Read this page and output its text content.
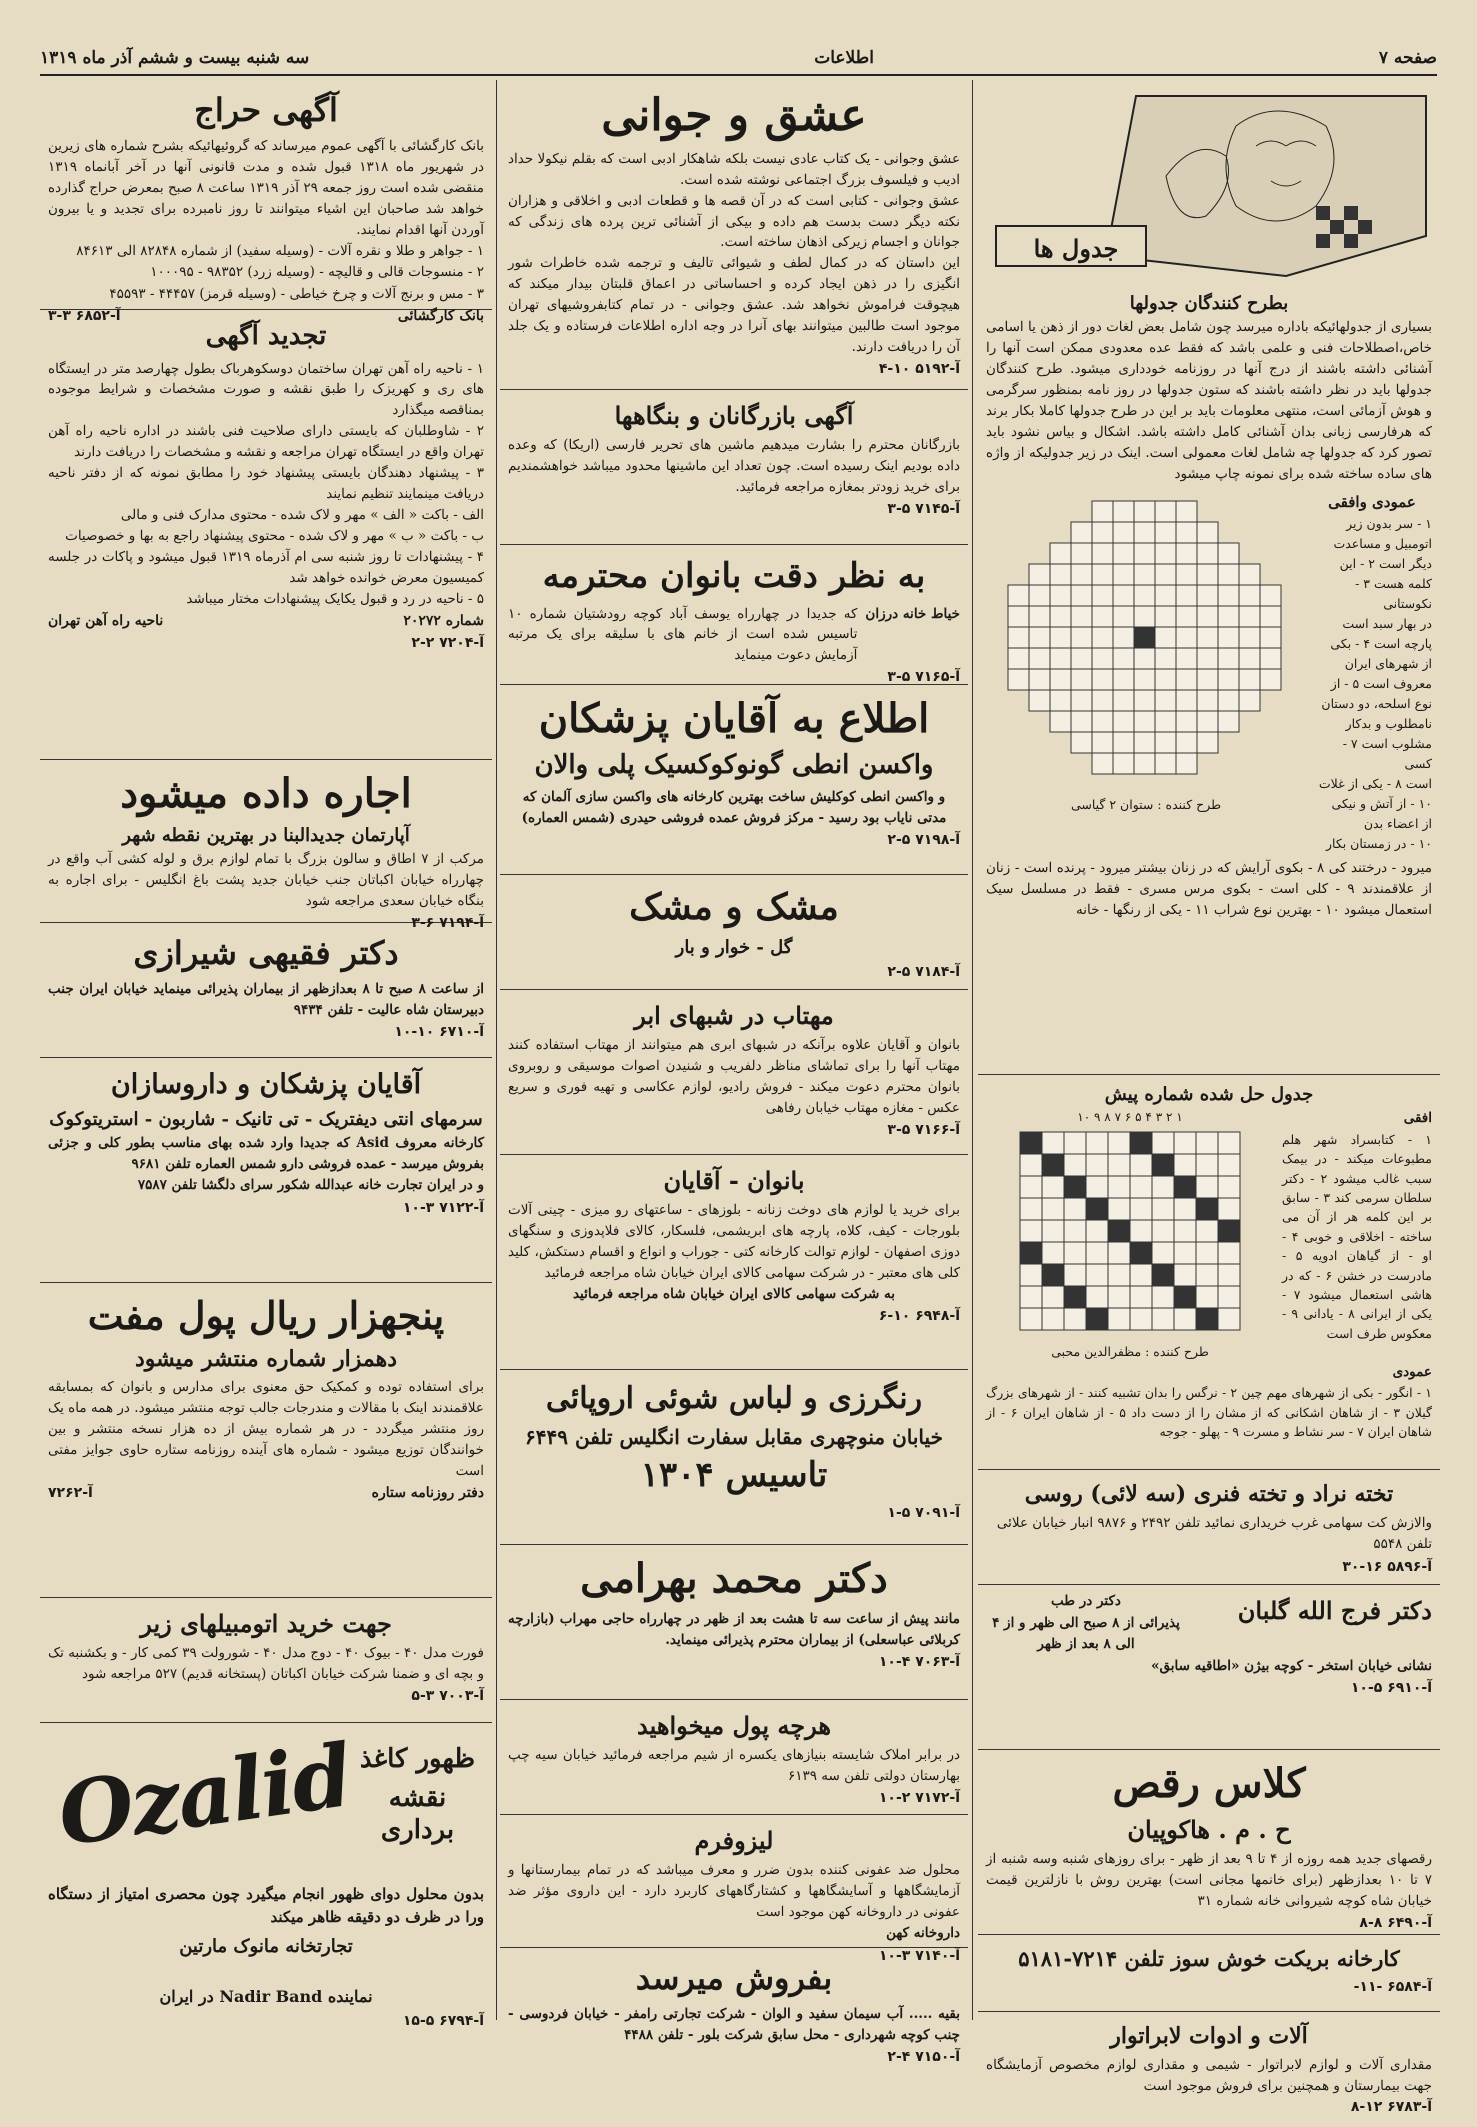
صفحه ۷
اطلاعات
سه شنبه بیست و ششم آذر ماه ۱۳۱۹
جدول ها
بطرح کنندگان جدولها
بسیاری از جدولهائیکه باداره میرسد چون شامل بعض لغات دور از ذهن یا اسامی خاص،اصطلاحات فنی و علمی باشد که فقط عده معدودی ممکن است آنها را آشنائی داشته باشند از درج آنها در روزنامه خودداری میشود. طرح کنندگان جدولها باید در نظر داشته باشند که ستون جدولها در روز نامه بمنظور سرگرمی و هوش آزمائی است، منتهی معلومات باید بر این در طرح جدولها کاملا بکار برند که هرفارسی زبانی بدان آشنائی کامل داشته باشد. اشکال و بیاس نشود باید تصور کرد که جدولها چه شامل لغات معمولی است. اینک در زیر جدولیکه از واژه های ساده ساخته شده برای نمونه چاپ میشود
عمودی وافقی
۱ - سر بدون زیر
اتومبیل و مساعدت
دیگر است ۲ - این
کلمه هست ۳ - نکوستانی
در بهار سبد است
پارچه است ۴ - بکی
از شهرهای ایران
معروف است ۵ - از
نوع اسلحه، دو دستان
نامطلوب و بدکار
مشلوب است ۷ - کسی
است ۸ - یکی از غلات
۱۰ - از آتش و نیکی
از اعضاء بدن
۱۰ - در زمستان بکار
طرح کننده : ستوان ۲ گیاسی
میرود - درختند کی ۸ - بکوی آرایش که در زنان بیشتر میرود - پرنده است - زنان از علاقمندند ۹ - کلی است - بکوی مرس مسری - فقط در مسلسل سیک استعمال میشود ۱۰ - بهترین نوع شراب ۱۱ - یکی از رنگها - خانه
جدول حل شده شماره پیش
افقی
۱ - کتابسراد شهر هلم مطبوعات میکند - در بیمک سبب غالب میشود ۲ - دکتر سلطان سرمی کند ۳ - سابق بر این کلمه هر از آن می ساخته - اخلاقی و خوبی ۴ - او - از گیاهان ادویه ۵ - مادرست در خشن ۶ - که در هاشی استعمال میشود ۷ - یکی از ایرانی ۸ - یادانی ۹ - معکوس طرف است
۱ ۲ ۳ ۴ ۵ ۶ ۷ ۸ ۹ ۱۰
طرح کننده : مظفرالدین محبی
عمودی
۱ - انگور - بکی از شهرهای مهم چین ۲ - نرگس را بدان تشبیه کنند - از شهرهای بزرگ گیلان ۳ - از شاهان اشکانی که از مشان را از دست داد ۵ - از شاهان ایران ۶ - از شاهان ایران ۷ - سر نشاط و مسرت ۹ - پهلو - جوجه
تخته نراد و تخته فنری (سه لائی) روسی
والازش کت سهامی غرب خریداری نمائید تلفن ۲۴۹۲ و ۹۸۷۶ انبار خیابان علائی تلفن ۵۵۴۸
آ-۵۸۹۶ ۱۶-۳۰
دکتر فرج الله گلبان
دکتر در طب
پذیرائی از ۸ صبح الی ظهر و از ۴ الی ۸ بعد از ظهر
نشانی خیابان استخر - کوچه بیژن «اطاقیه سابق»
آ-۶۹۱۰ ۵-۱۰
کلاس رقص
ح . م . هاکوپیان
رقصهای جدید همه روزه از ۴ تا ۹ بعد از ظهر - برای روزهای شنبه وسه شنبه از ۷ تا ۱۰ بعدازظهر (برای خانمها مجانی است) بهترین روش با نازلترین قیمت خیابان شاه کوچه شیروانی خانه شماره ۳۱
آ-۶۴۹۰ ۸-۸
کارخانه بریکت خوش سوز تلفن ۷۲۱۴-۵۱۸۱
آ-۶۵۸۴ -۱۱-
آلات و ادوات لابراتوار
مقداری آلات و لوازم لابراتوار - شیمی و مقداری لوازم مخصوص آزمایشگاه جهت بیمارستان و همچنین برای فروش موجود است
آ-۶۷۸۳ ۱۲-۸
عشق و جوانی
عشق وجوانی - یک کتاب عادی نیست بلکه شاهکار ادبی است که بقلم نیکولا حداد ادیب و فیلسوف بزرگ اجتماعی نوشته شده است.
عشق وجوانی - کتابی است که در آن قصه ها و قطعات ادبی و اخلاقی و هزاران نکته دیگر دست بدست هم داده و بیکی از آشنائی ترین پرده های زندگی که جوانان و اجسام زیرکی اذهان ساخته است.
این داستان که در کمال لطف و شیوائی تالیف و ترجمه شده خاطرات شور انگیزی را در ذهن ایجاد کرده و احساساتی در اعماق قلبتان بیدار میکند که هیچوقت فراموش نخواهد شد. عشق وجوانی - در تمام کتابفروشیهای تهران موجود است طالبین میتوانند بهای آنرا در وجه اداره اطلاعات فرستاده و یک جلد آن را دریافت دارند.
آ-۵۱۹۲ ۱۰-۴
آگهی بازرگانان و بنگاهها
بازرگانان محترم را بشارت میدهیم ماشین های تحریر فارسی (اریکا) که وعده داده بودیم اینک رسیده است. چون تعداد این ماشینها محدود میباشد خواهشمندیم برای خرید زودتر بمغازه مراجعه فرمائید.
آ-۷۱۴۵ ۵-۳
به نظر دقت بانوان محترمه
خیاط خانه درزان
که جدیدا در چهارراه یوسف آباد کوچه رودشتیان شماره ۱۰ تاسیس شده است از خانم های با سلیقه برای یک مرتبه آزمایش دعوت مینماید
آ-۷۱۶۵ ۵-۳
اطلاع به آقایان پزشکان
واکسن انطی گونوکوکسیک پلی والان
و واکسن انطی کوکلیش ساخت بهترین کارخانه های واکسن سازی آلمان که مدتی نایاب بود رسید - مرکز فروش عمده فروشی حیدری (شمس العماره)
آ-۷۱۹۸ ۵-۲
مشک و مشک
گل - خوار و بار
آ-۷۱۸۴ ۵-۲
مهتاب در شبهای ابر
بانوان و آقایان علاوه برآنکه در شبهای ابری هم میتوانند از مهتاب استفاده کنند مهتاب آنها را برای تماشای مناظر دلفریب و شنیدن اصوات موسیقی و روبروی بانوان محترم دعوت میکند - فروش رادیو، لوازم عکاسی و تهیه فوری و سریع عکس - مغازه مهتاب خیابان رفاهی
آ-۷۱۶۶ ۵-۳
بانوان - آقایان
برای خرید یا لوازم های دوخت زنانه - بلوزهای - ساعتهای رو میزی - چینی آلات بلورجات - کیف، کلاه، پارچه های ابریشمی، فلسکار، کالای فلاپدوزی و سنگهای دوزی اصفهان - لوازم توالت کارخانه کتی - جوراب و انواع و اقسام دستکش، کلید کلی های معتبر - در شرکت سهامی کالای ایران خیابان شاه مراجعه فرمائید
به شرکت سهامی کالای ایران خیابان شاه مراجعه فرمائید
آ-۶۹۴۸ ۱۰-۶
رنگرزی و لباس شوئی اروپائی
خیابان منوچهری مقابل سفارت انگلیس تلفن ۶۴۴۹
تاسیس ۱۳۰۴
آ-۷۰۹۱ ۵-۱
دکتر محمد بهرامی
مانند پیش از ساعت سه تا هشت بعد از ظهر در چهارراه حاجی مهراب (بازارچه کربلائی عباسعلی) از بیماران محترم پذیرائی مینماید.
آ-۷۰۶۳ ۴-۱۰
هرچه پول میخواهید
در برابر املاک شایسته بنیازهای یکسره از شیم مراجعه فرمائید خیابان سیه چپ بهارستان دولتی تلفن سه ۶۱۳۹
آ-۷۱۷۲ ۲-۱۰
لیزوفرم
محلول ضد عفونی کننده بدون ضرر و معرف میباشد که در تمام بیمارستانها و آزمایشگاهها و آسایشگاهها و کشتارگاههای کاربرد دارد - این داروی مؤثر ضد عفونی در داروخانه کهن موجود است
داروخانه کهن
آ-۷۱۴۰ ۳-۱۰
بفروش میرسد
بقیه ..... آب سیمان سفید و الوان - شرکت تجارتی رامفر - خیابان فردوسی - چنب کوچه شهرداری - محل سابق شرکت بلور - تلفن ۴۴۸۸
آ-۷۱۵۰ ۴-۲
آگهی حراج
بانک کارگشائی با آگهی عموم میرساند که گروئیهائیکه بشرح شماره های زیرین در شهریور ماه ۱۳۱۸ قبول شده و مدت قانونی آنها در آخر آبانماه ۱۳۱۹ منقضی شده است روز جمعه ۲۹ آذر ۱۳۱۹ ساعت ۸ صبح بمعرض حراج گذارده خواهد شد صاحبان این اشیاء میتوانند تا روز نامبرده برای تجدید و یا بیرون آوردن آنها اقدام نمایند.
۱ - جواهر و طلا و نقره آلات - (وسیله سفید) از شماره ۸۲۸۴۸ الی ۸۴۶۱۳
۲ - منسوجات قالی و قالیچه - (وسیله زرد) ۹۸۳۵۲ - ۱۰۰۰۹۵
۳ - مس و برنج آلات و چرخ خیاطی - (وسیله قرمز) ۴۴۴۵۷ - ۴۵۵۹۳
بانک کارگشائی
آ-۶۸۵۲ ۳-۳
تجدید آگهی
۱ - ناحیه راه آهن تهران ساختمان دوسکوهرباک بطول چهارصد متر در ایستگاه های ری و کهریزک را طبق نقشه و صورت مشخصات و شرایط موجوده بمناقصه میگذارد
۲ - شاوطلبان که بایستی دارای صلاحیت فنی باشند در اداره ناحیه راه آهن تهران واقع در ایستگاه تهران مراجعه و نقشه و مشخصات را دریافت دارند
۳ - پیشنهاد دهندگان بایستی پیشنهاد خود را مطابق نمونه که از دفتر ناحیه دریافت مینمایند تنظیم نمایند
الف - باکت « الف » مهر و لاک شده - محتوی مدارک فنی و مالی
ب - باکت « ب » مهر و لاک شده - محتوی پیشنهاد راجع به بها و خصوصیات
۴ - پیشنهادات تا روز شنبه سی ام آذرماه ۱۳۱۹ قبول میشود و پاکات در جلسه کمیسیون معرض خوانده خواهد شد
۵ - ناحیه در رد و قبول یکایک پیشنهادات مختار میباشد
شماره ۲۰۲۷۲
ناحیه راه آهن تهران
آ-۷۲۰۴ ۲-۲
اجاره داده میشود
آپارتمان جدیدالبنا در بهترین نقطه شهر
مرکب از ۷ اطاق و سالون بزرگ با تمام لوازم برق و لوله کشی آب واقع در چهارراه خیابان اکباتان جنب خیابان جدید پشت باغ انگلیس - برای اجاره به بنگاه خیابان سعدی مراجعه شود
آ-۷۱۹۴ ۶-۳
دکتر فقیهی شیرازی
از ساعت ۸ صبح تا ۸ بعدازظهر از بیماران پذیرائی مینماید خیابان ایران جنب دبیرستان شاه عالیت - تلفن ۹۴۳۴
آ-۶۷۱۰ ۱۰-۱۰
آقایان پزشکان و داروسازان
سرمهای انتی دیفتریک - تی تانیک - شاربون - استریتوکوک
کارخانه معروف Asid که جدیدا وارد شده بهای مناسب بطور کلی و جزئی بفروش میرسد - عمده فروشی دارو شمس العماره تلفن ۹۶۸۱
و در ایران تجارت خانه عبدالله شکور سرای دلگشا تلفن ۷۵۸۷
آ-۷۱۲۲ ۳-۱۰
پنجهزار ریال پول مفت
دهمزار شماره منتشر میشود
برای استفاده توده و کمکیک حق معنوی برای مدارس و بانوان که بمسابقه علاقمندند اینک با مقالات و مندرجات جالب توجه منتشر میشود. در همه ماه یک روز منتشر میگردد - در هر شماره بیش از ده هزار نسخه منتشر و بین خوانندگان توزیع میشود - شماره های آینده روزنامه ستاره حاوی جوایز مفتی است
دفتر روزنامه ستاره
آ-۷۲۶۲
جهت خرید اتومبیلهای زیر
فورت مدل ۴۰ - بیوک ۴۰ - دوج مدل ۴۰ - شورولت ۳۹ کمی کار - و بکشنبه تک و بچه ای و ضمنا شرکت خیابان اکباتان (پستخانه قدیم) ۵۲۷ مراجعه شود
آ-۷۰۰۳ ۳-۵
ظهور کاغذ
نقشه برداری
Ozalid
بدون محلول دوای ظهور انجام میگیرد چون محصری امتیاز از دستگاه ورا در ظرف دو دقیقه ظاهر میکند
تجارتخانه مانوک مارتین
نماینده Nadir Band در ایران
آ-۶۷۹۴ ۵-۱۵
